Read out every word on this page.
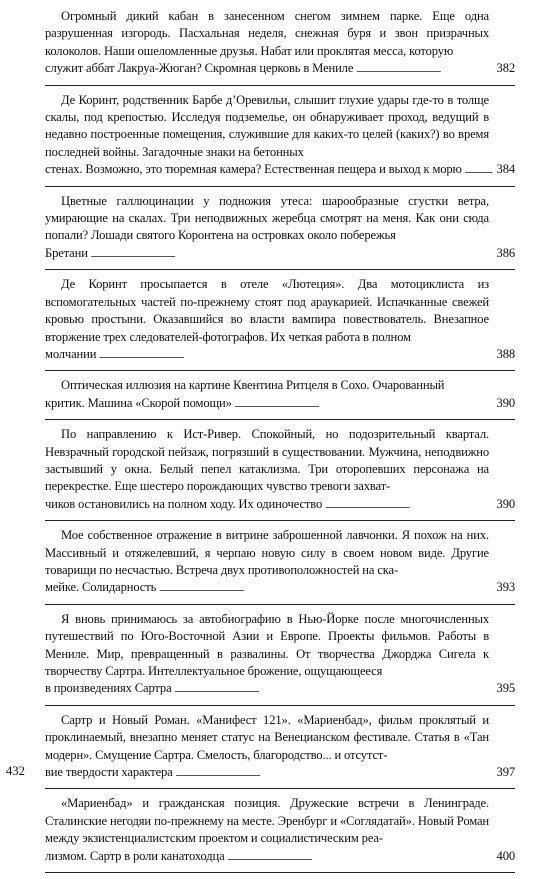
Огромный дикий кабан в занесенном снегом зимнем парке. Еще одна разрушенная изгородь. Пасхальная неделя, снежная буря и звон призрачных колоколов. Наши ошеломленные друзья. Набат или проклятая месса, которую
служит аббат Лакруа-Жюган? Скромная церковь в Мениле . . .	382
Де Коринт, родственник Барбе д’Оревильи, слышит глухие удары где-то в толще скалы, под крепостью. Исследуя подземелье, он обнаруживает проход, ведущий в недавно построенные помещения, служившие для каких-то целей (каких?) во время последней войны. Загадочные знаки на бетонных
стенах. Возможно, это тюремная камера? Естественная пещера и выход к морю . . .	384
Цветные галлюцинации у подножия утеса: шарообразные сгустки ветра, умирающие на скалах. Три неподвижных жеребца смотрят на меня. Как они сюда попали? Лошади святого Коронтена на островках около побережья
Бретани . . .	386
Де Коринт просыпается в отеле «Лютеция». Два мотоциклиста из вспомогательных частей по-прежнему стоят под араукарией. Испачканные свежей кровью простыни. Оказавшийся во власти вампира повествователь. Внезапное вторжение трех следователей-фотографов. Их четкая работа в полном
молчании . . .	388
Оптическая иллюзия на картине Квентина Ритцеля в Сохо. Очарованный
критик. Машина «Скорой помощи» . . .	390
По направлению к Ист-Ривер. Спокойный, но подозрительный квартал. Невзрачный городской пейзаж, погрязший в существовании. Мужчина, неподвижно застывший у окна. Белый пепел катаклизма. Три оторопевших персонажа на перекрестке. Еще шестеро порождающих чувство тревоги захват-
чиков остановились на полном ходу. Их одиночество . . .	390
Мое собственное отражение в витрине заброшенной лавчонки. Я похож на них. Массивный и отяжелевший, я черпаю новую силу в своем новом виде. Другие товарищи по несчастью. Встреча двух противоположностей на ска-
мейке. Солидарность . . .	393
Я вновь принимаюсь за автобиографию в Нью-Йорке после многочисленных путешествий по Юго-Восточной Азии и Европе. Проекты фильмов. Работы в Мениле. Мир, превращенный в развалины. От творчества Джорджа Сигела к творчеству Сартра. Интеллектуальное брожение, ощущающееся
в произведениях Сартра . . .	395
Сартр и Новый Роман. «Манифест 121». «Мариенбад», фильм проклятый и проклинаемый, внезапно меняет статус на Венецианском фестивале. Статья в «Тан модерн». Смущение Сартра. Смелость, благородство... и отсутст-
вие твердости характера . . .	397
«Мариенбад» и гражданская позиция. Дружеские встречи в Ленинграде. Сталинские негодяи по-прежнему на месте. Эренбург и «Соглядатай». Новый Роман между экзистенциалистским проектом и социалистическим реа-
лизмом. Сартр в роли канатоходца . . .	400
432
